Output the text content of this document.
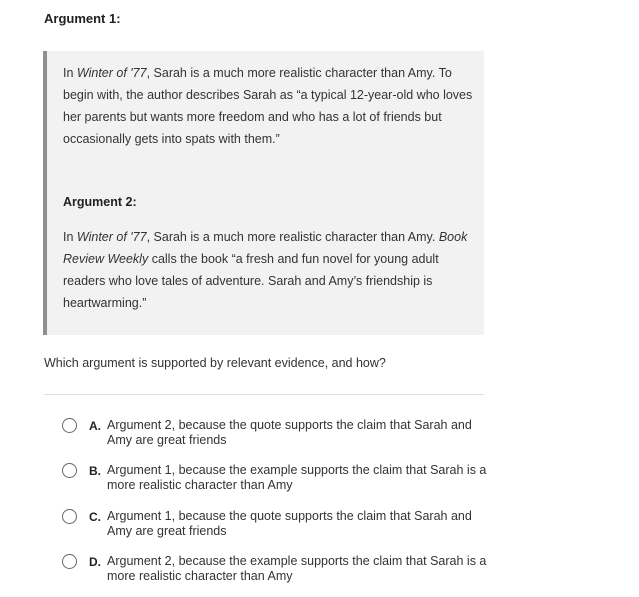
Argument 1:
In Winter of '77, Sarah is a much more realistic character than Amy. To begin with, the author describes Sarah as “a typical 12-year-old who loves her parents but wants more freedom and who has a lot of friends but occasionally gets into spats with them.”
Argument 2:
In Winter of '77, Sarah is a much more realistic character than Amy. Book Review Weekly calls the book “a fresh and fun novel for young adult readers who love tales of adventure. Sarah and Amy’s friendship is heartwarming.”
Which argument is supported by relevant evidence, and how?
A. Argument 2, because the quote supports the claim that Sarah and Amy are great friends
B. Argument 1, because the example supports the claim that Sarah is a more realistic character than Amy
C. Argument 1, because the quote supports the claim that Sarah and Amy are great friends
D. Argument 2, because the example supports the claim that Sarah is a more realistic character than Amy
